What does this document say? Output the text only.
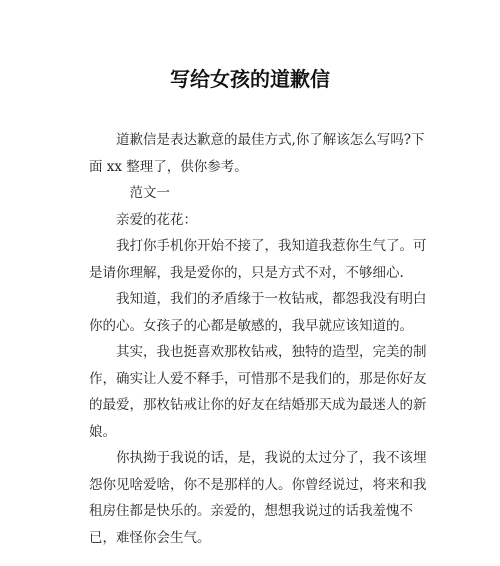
写给女孩的道歉信

道歉信是表达歉意的最佳方式,你了解该怎么写吗?下面 xx 整理了，供你参考。

范文一

亲爱的花花：

我打你手机你开始不接了，我知道我惹你生气了。可是请你理解，我是爱你的，只是方式不对，不够细心.

我知道，我们的矛盾缘于一枚钻戒，都怨我没有明白你的心。女孩子的心都是敏感的，我早就应该知道的。

其实，我也挺喜欢那枚钻戒，独特的造型，完美的制作，确实让人爱不释手，可惜那不是我们的，那是你好友的最爱，那枚钻戒让你的好友在结婚那天成为最迷人的新娘。

你执拗于我说的话，是，我说的太过分了，我不该埋怨你见啥爱啥，你不是那样的人。你曾经说过，将来和我租房住都是快乐的。亲爱的，想想我说过的话我羞愧不已，难怪你会生气。
